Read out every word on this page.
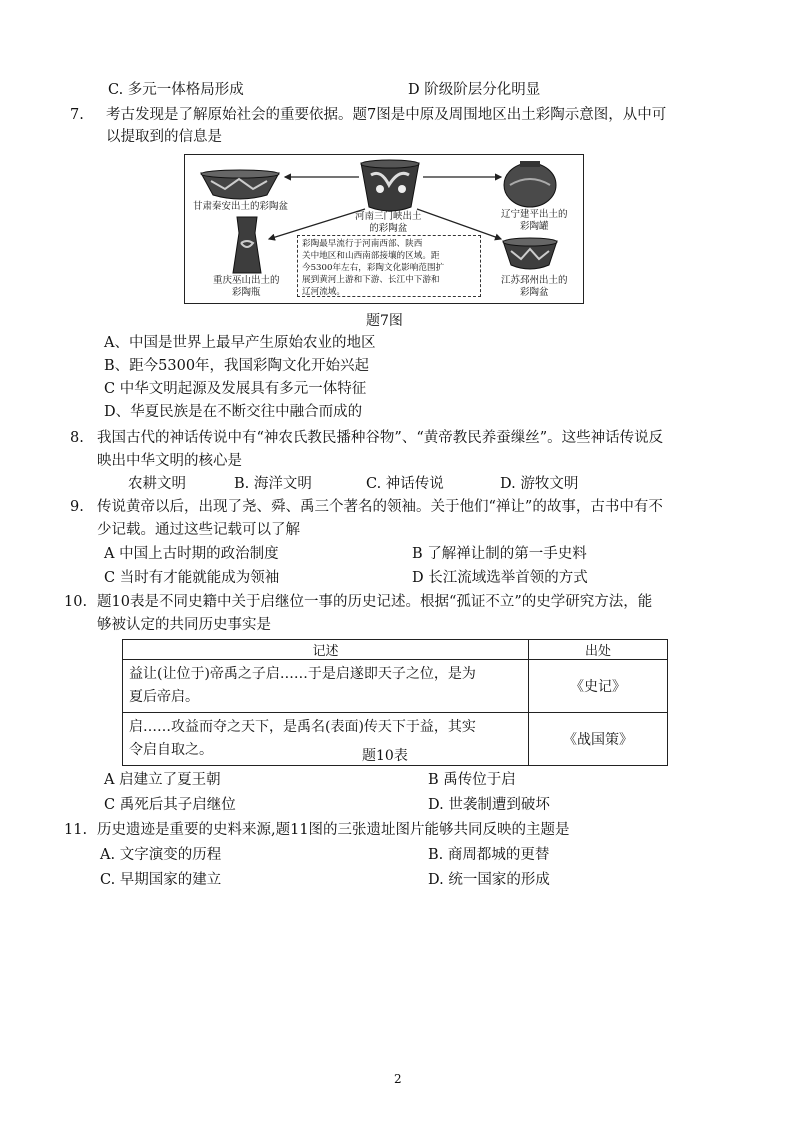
C. 多元一体格局形成	D 阶级阶层分化明显
7. 考古发现是了解原始社会的重要依据。题7图是中原及周围地区出土彩陶示意图，从中可
以提取到的信息是
甘肃秦安出土的彩陶盆
河南三门峡出土
的彩陶盆
辽宁建平出土的
彩陶罐
重庆巫山出土的
彩陶瓶
江苏邳州出土的
彩陶盆
彩陶最早流行于河南西部、陕西
关中地区和山西南部接壤的区域。距
今5300年左右，彩陶文化影响范围扩
展到黄河上游和下游、长江中下游和
辽河流域。
题7图
A、中国是世界上最早产生原始农业的地区
B、距今5300年，我国彩陶文化开始兴起
C 中华文明起源及发展具有多元一体特征
D、华夏民族是在不断交往中融合而成的
8. 我国古代的神话传说中有“神农氏教民播种谷物”、“黄帝教民养蚕缫丝”。这些神话传说反
映出中华文明的核心是
农耕文明	B. 海洋文明	C. 神话传说	D. 游牧文明
9. 传说黄帝以后，出现了尧、舜、禹三个著名的领袖。关于他们“禅让”的故事，古书中有不
少记载。通过这些记载可以了解
A 中国上古时期的政治制度	B 了解禅让制的第一手史料
C 当时有才能就能成为领袖	D 长江流域选举首领的方式
10. 题10表是不同史籍中关于启继位一事的历史记述。根据“孤证不立”的史学研究方法，能
够被认定的共同历史事实是
记述	出处

益让(让位于)帝禹之子启……于是启遂即天子之位，是为
夏后帝启。	《史记》

启……攻益而夺之天下，是禹名(表面)传天下于益，其实
令启自取之。	《战国策》
题10表
A 启建立了夏王朝	B 禹传位于启
C 禹死后其子启继位	D. 世袭制遭到破坏
11. 历史遗迹是重要的史料来源,题11图的三张遗址图片能够共同反映的主题是
A. 文字演变的历程	B. 商周都城的更替
C. 早期国家的建立	D. 统一国家的形成
2
